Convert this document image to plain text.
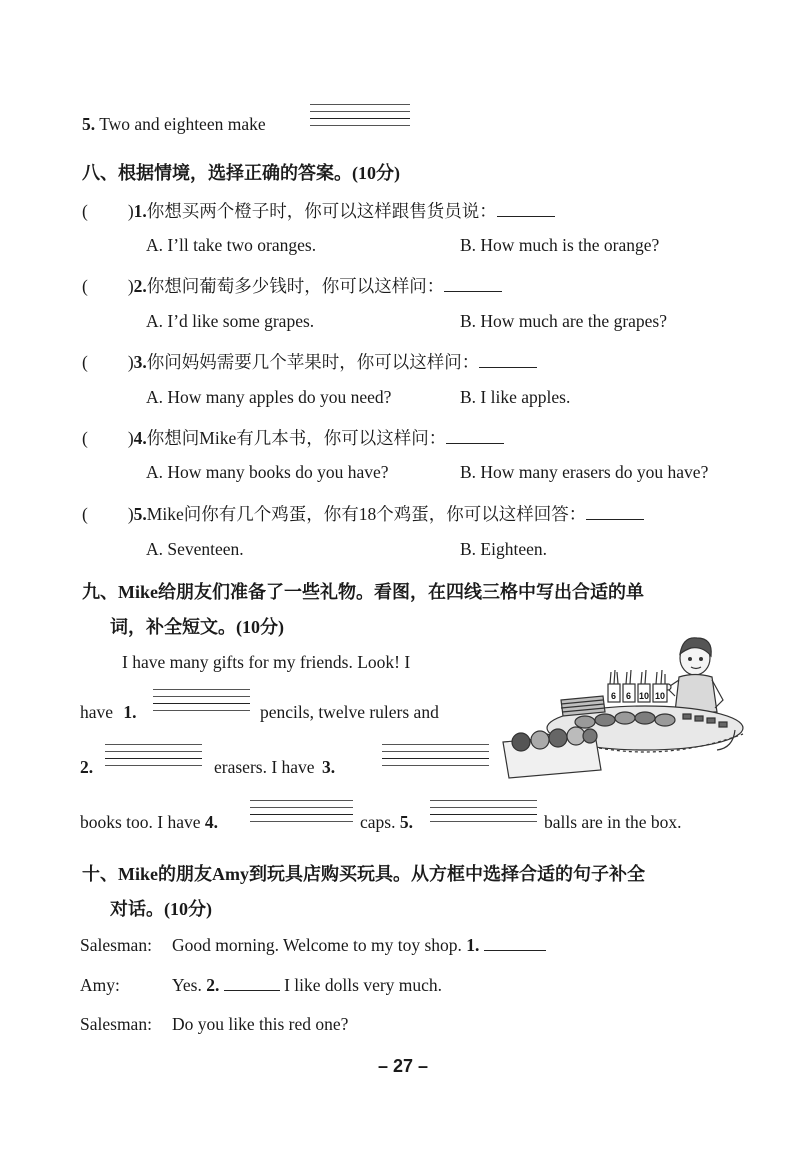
5. Two and eighteen make
八、根据情境，选择正确的答案。(10分)
( )1.你想买两个橙子时，你可以这样跟售货员说：
A. I’ll take two oranges.	B. How much is the orange?
( )2.你想问葡萄多少钱时，你可以这样问：
A. I’d like some grapes.	B. How much are the grapes?
( )3.你问妈妈需要几个苹果时，你可以这样问：
A. How many apples do you need?	B. I like apples.
( )4.你想问Mike有几本书，你可以这样问：
A. How many books do you have?	B. How many erasers do you have?
( )5.Mike问你有几个鸡蛋，你有18个鸡蛋，你可以这样回答：
A. Seventeen.	B. Eighteen.
九、Mike给朋友们准备了一些礼物。看图，在四线三格中写出合适的单
词，补全短文。(10分)
I have many gifts for my friends. Look! I
have 1.	pencils, twelve rulers and
2.	erasers. I have 3.
books too. I have 4.	caps. 5.	balls are in the box.
6 6 10 10
十、Mike的朋友Amy到玩具店购买玩具。从方框中选择合适的句子补全
对话。(10分)
Salesman: Good morning. Welcome to my toy shop. 1.
Amy:	Yes. 2.	I like dolls very much.
Salesman: Do you like this red one?
– 27 –
